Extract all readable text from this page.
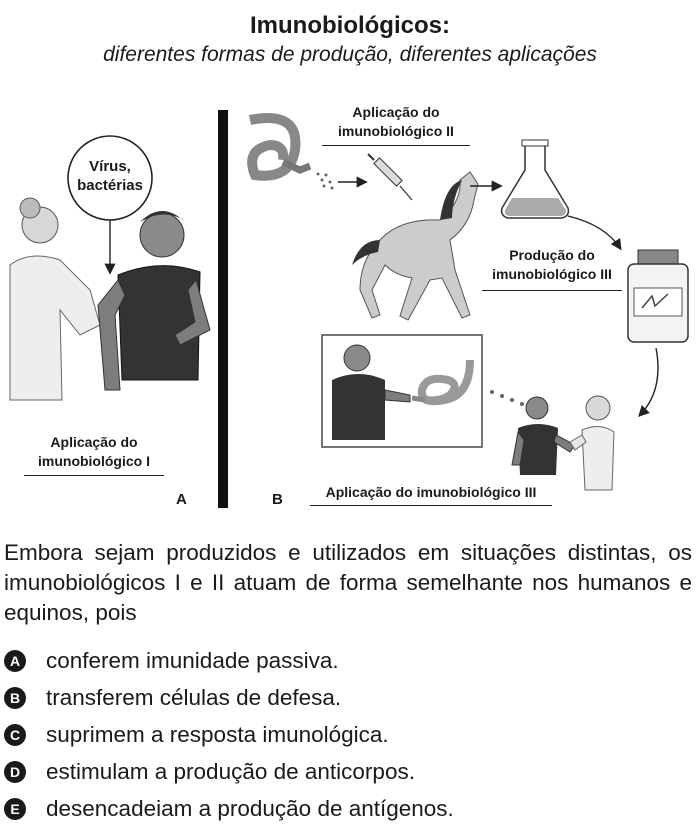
Imunobiológicos:
diferentes formas de produção, diferentes aplicações
Aplicação do imunobiológico II
Vírus, bactérias
Produção do imunobiológico III
Aplicação do imunobiológico I
A	B	Aplicação do imunobiológico III
Embora sejam produzidos e utilizados em situações distintas, os imunobiológicos I e II atuam de forma semelhante nos humanos e equinos, pois
A conferem imunidade passiva.
B transferem células de defesa.
C suprimem a resposta imunológica.
D estimulam a produção de anticorpos.
E desencadeiam a produção de antígenos.
